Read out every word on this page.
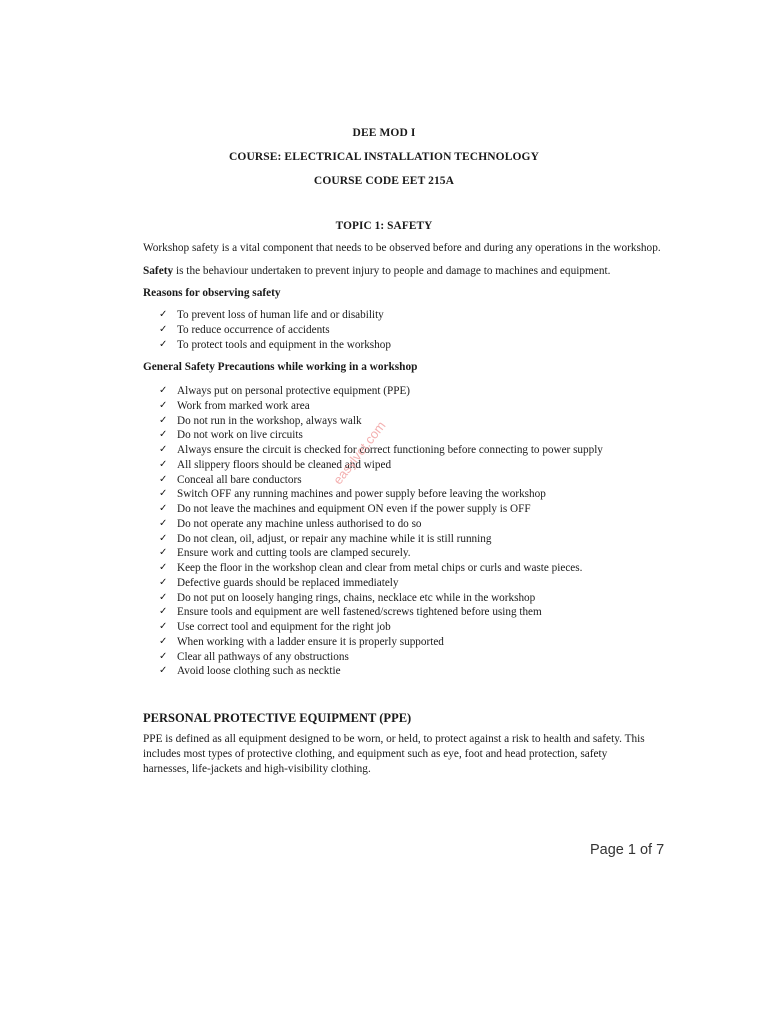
DEE MOD I
COURSE: ELECTRICAL INSTALLATION TECHNOLOGY
COURSE CODE EET 215A
TOPIC 1: SAFETY
Workshop safety is a vital component that needs to be observed before and during any operations in the workshop.
Safety is the behaviour undertaken to prevent injury to people and damage to machines and equipment.
Reasons for observing safety
✓ To prevent loss of human life and or disability
✓ To reduce occurrence of accidents
✓ To protect tools and equipment in the workshop
General Safety Precautions while working in a workshop
✓ Always put on personal protective equipment (PPE)
✓ Work from marked work area
✓ Do not run in the workshop, always walk
✓ Do not work on live circuits
✓ Always ensure the circuit is checked for correct functioning before connecting to power supply
✓ All slippery floors should be cleaned and wiped
✓ Conceal all bare conductors
✓ Switch OFF any running machines and power supply before leaving the workshop
✓ Do not leave the machines and equipment ON even if the power supply is OFF
✓ Do not operate any machine unless authorised to do so
✓ Do not clean, oil, adjust, or repair any machine while it is still running
✓ Ensure work and cutting tools are clamped securely.
✓ Keep the floor in the workshop clean and clear from metal chips or curls and waste pieces.
✓ Defective guards should be replaced immediately
✓ Do not put on loosely hanging rings, chains, necklace etc while in the workshop
✓ Ensure tools and equipment are well fastened/screws tightened before using them
✓ Use correct tool and equipment for the right job
✓ When working with a ladder ensure it is properly supported
✓ Clear all pathways of any obstructions
✓ Avoid loose clothing such as necktie
PERSONAL PROTECTIVE EQUIPMENT (PPE)
PPE is defined as all equipment designed to be worn, or held, to protect against a risk to health and safety. This includes most types of protective clothing, and equipment such as eye, foot and head protection, safety harnesses, life-jackets and high-visibility clothing.
Page 1 of 7
easylvet.com
